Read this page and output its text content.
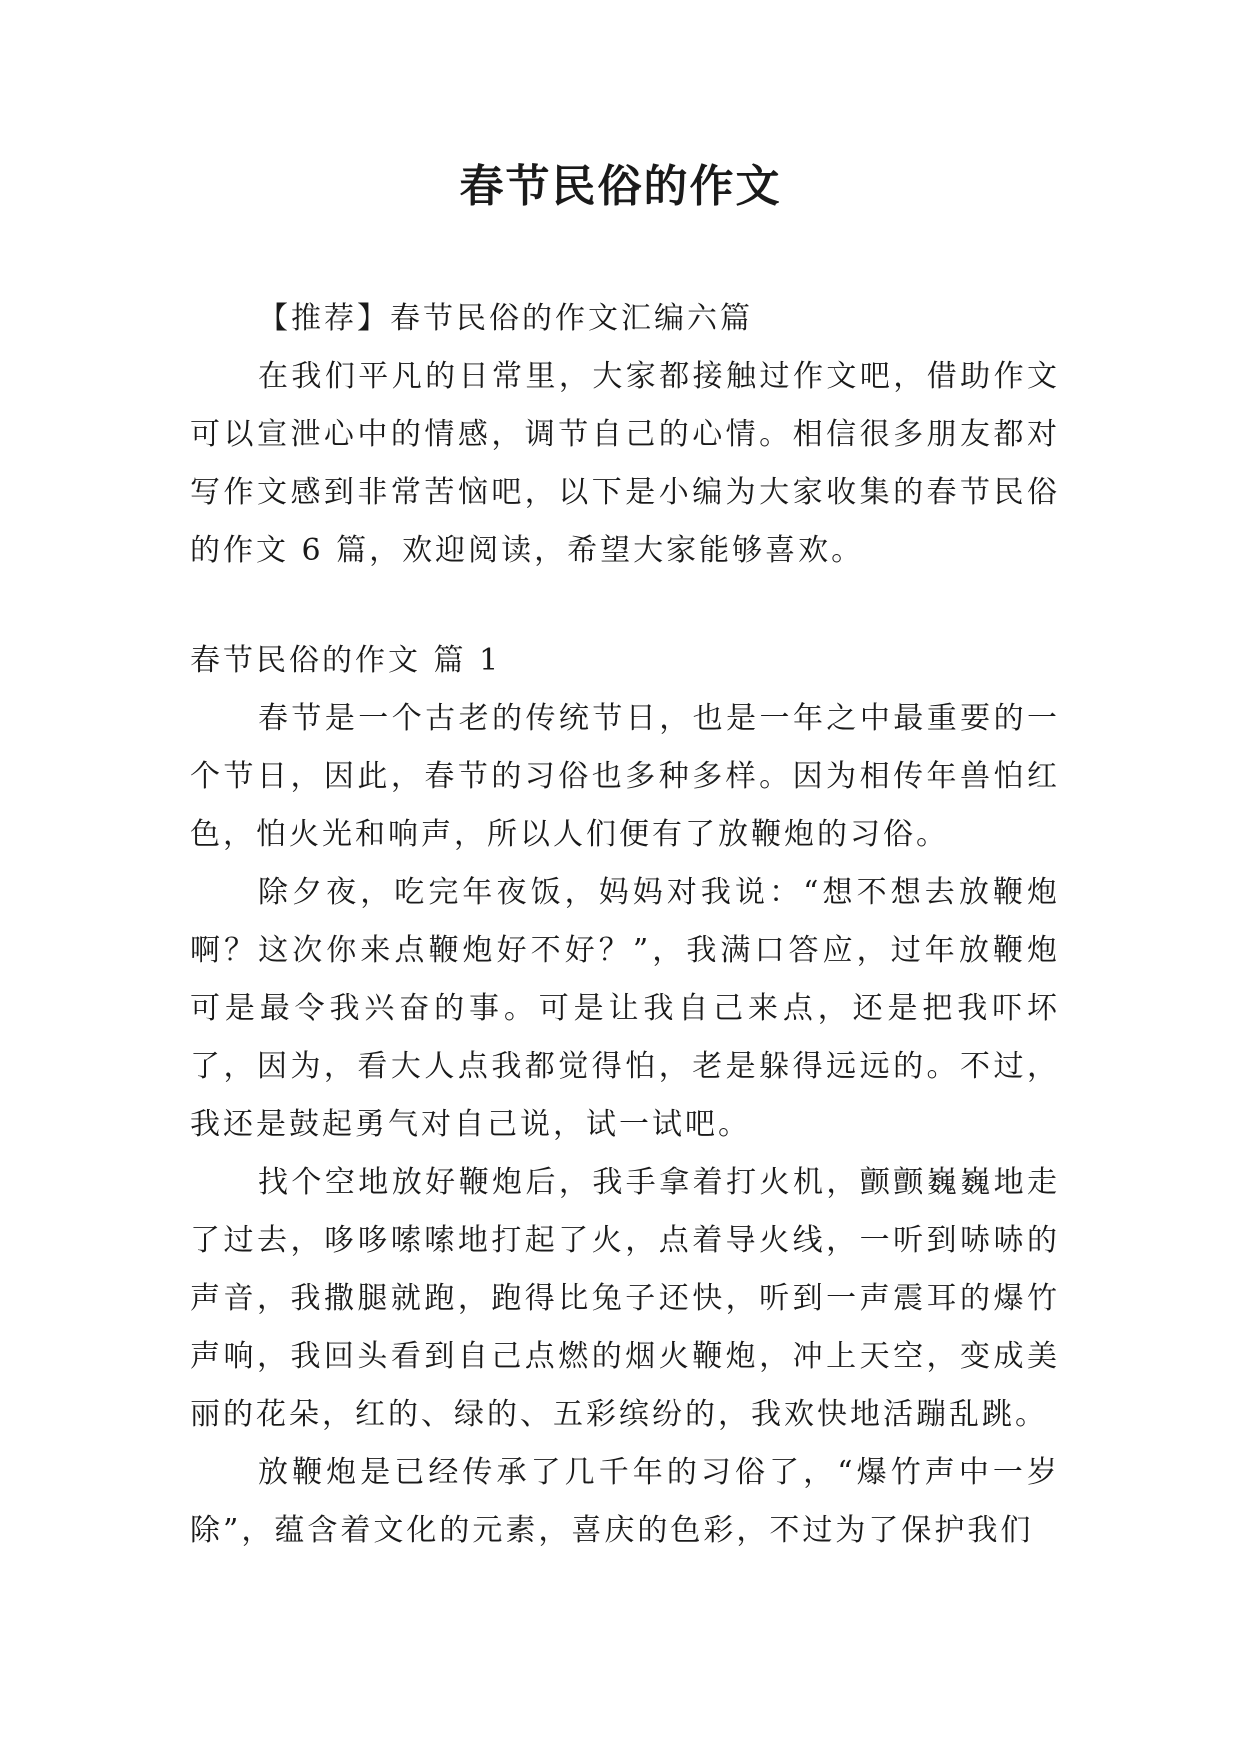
春节民俗的作文

【推荐】春节民俗的作文汇编六篇

在我们平凡的日常里，大家都接触过作文吧，借助作文可以宣泄心中的情感，调节自己的心情。相信很多朋友都对写作文感到非常苦恼吧，以下是小编为大家收集的春节民俗的作文 6 篇，欢迎阅读，希望大家能够喜欢。

春节民俗的作文 篇 1

春节是一个古老的传统节日，也是一年之中最重要的一个节日，因此，春节的习俗也多种多样。因为相传年兽怕红色，怕火光和响声，所以人们便有了放鞭炮的习俗。

除夕夜，吃完年夜饭，妈妈对我说：“想不想去放鞭炮啊？这次你来点鞭炮好不好？”，我满口答应，过年放鞭炮可是最令我兴奋的事。可是让我自己来点，还是把我吓坏了，因为，看大人点我都觉得怕，老是躲得远远的。不过，我还是鼓起勇气对自己说，试一试吧。

找个空地放好鞭炮后，我手拿着打火机，颤颤巍巍地走了过去，哆哆嗦嗦地打起了火，点着导火线，一听到哧哧的声音，我撒腿就跑，跑得比兔子还快，听到一声震耳的爆竹声响，我回头看到自己点燃的烟火鞭炮，冲上天空，变成美丽的花朵，红的、绿的、五彩缤纷的，我欢快地活蹦乱跳。

放鞭炮是已经传承了几千年的习俗了，“爆竹声中一岁除”，蕴含着文化的元素，喜庆的色彩，不过为了保护我们
